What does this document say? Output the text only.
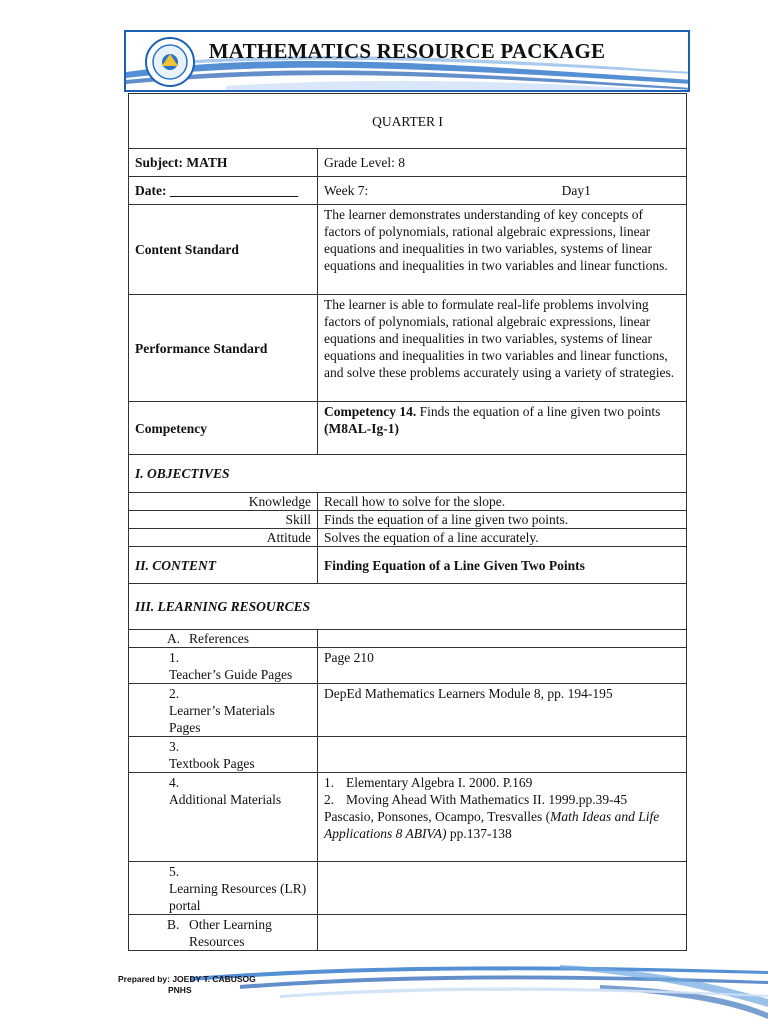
MATHEMATICS RESOURCE PACKAGE
QUARTER I	
Subject: MATH	Grade Level: 8
Date: ___________________	Week 7: Day1
Content Standard	The learner demonstrates understanding of key concepts of factors of polynomials, rational algebraic expressions, linear equations and inequalities in two variables, systems of linear equations and inequalities in two variables and linear functions.
Performance Standard	The learner is able to formulate real-life problems involving factors of polynomials, rational algebraic expressions, linear equations and inequalities in two variables, systems of linear equations and inequalities in two variables and linear functions, and solve these problems accurately using a variety of strategies.
Competency	Competency 14. Finds the equation of a line given two points (M8AL-Ig-1)
I. OBJECTIVES	
Knowledge	Recall how to solve for the slope.
Skill	Finds the equation of a line given two points.
Attitude	Solves the equation of a line accurately.
II. CONTENT	Finding Equation of a Line Given Two Points
III. LEARNING RESOURCES	
A. References	
1.Teacher’s Guide Pages	Page 210
2.Learner’s Materials Pages	DepEd Mathematics Learners Module 8, pp. 194-195
3.Textbook Pages	
4.Additional Materials	1. Elementary Algebra I. 2000. P.169
2. Moving Ahead With Mathematics II. 1999.pp.39-45
Pascasio, Ponsones, Ocampo, Tresvalles (Math Ideas and Life Applications 8 ABIVA) pp.137-138

5.Learning Resources (LR) portal	
B. Other Learning Resources	
Prepared by: JOEDY T. CABUSOG
PNHS
